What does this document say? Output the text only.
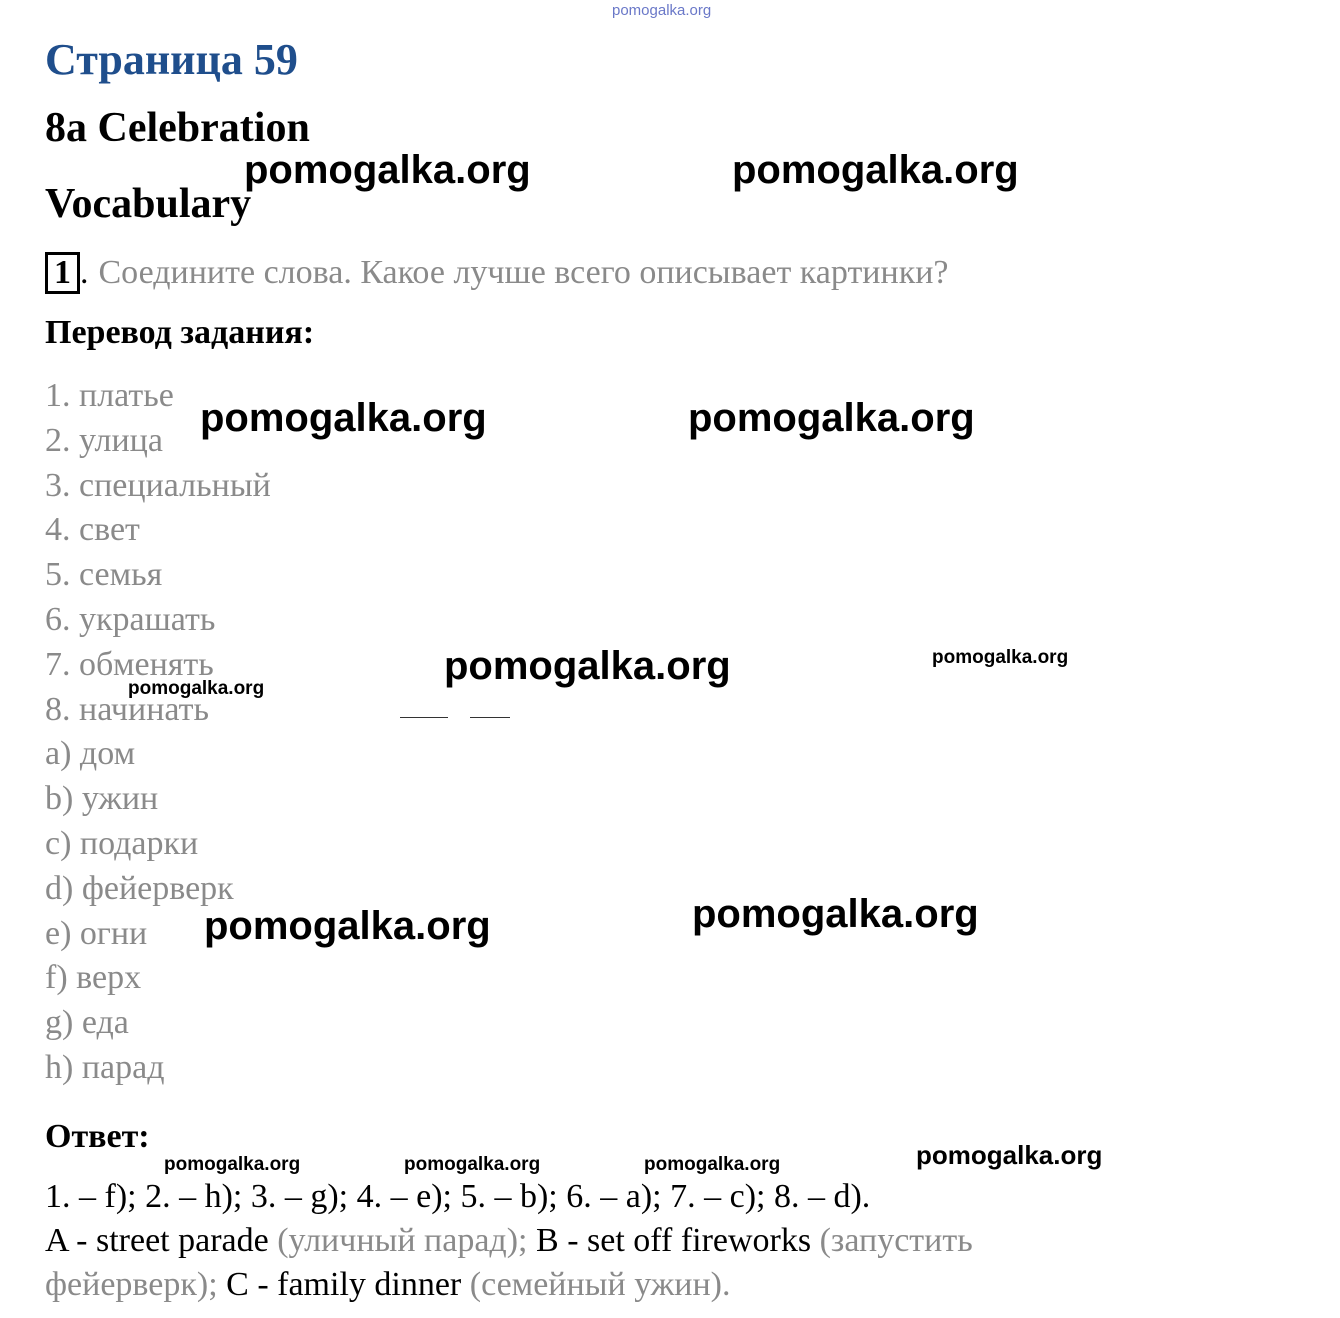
pomogalka.org
Страница 59
8a Celebration
Vocabulary
1 . Соедините слова. Какое лучше всего описывает картинки?
Перевод задания:
1. платье
2. улица
3. специальный
4. свет
5. семья
6. украшать
7. обменять
8. начинать
a) дом
b) ужин
c) подарки
d) фейерверк
e) огни
f) верх
g) еда
h) парад
Ответ:
1. – f); 2. – h); 3. – g); 4. – e); 5. – b); 6. – a); 7. – c); 8. – d).
A - street parade (уличный парад); B - set off fireworks (запустить
фейерверк); C - family dinner (семейный ужин).
pomogalka.org	pomogalka.org
pomogalka.org	pomogalka.org
pomogalka.org	pomogalka.org
pomogalka.org
pomogalka.org	pomogalka.org
pomogalka.org	pomogalka.org	pomogalka.org	pomogalka.org
